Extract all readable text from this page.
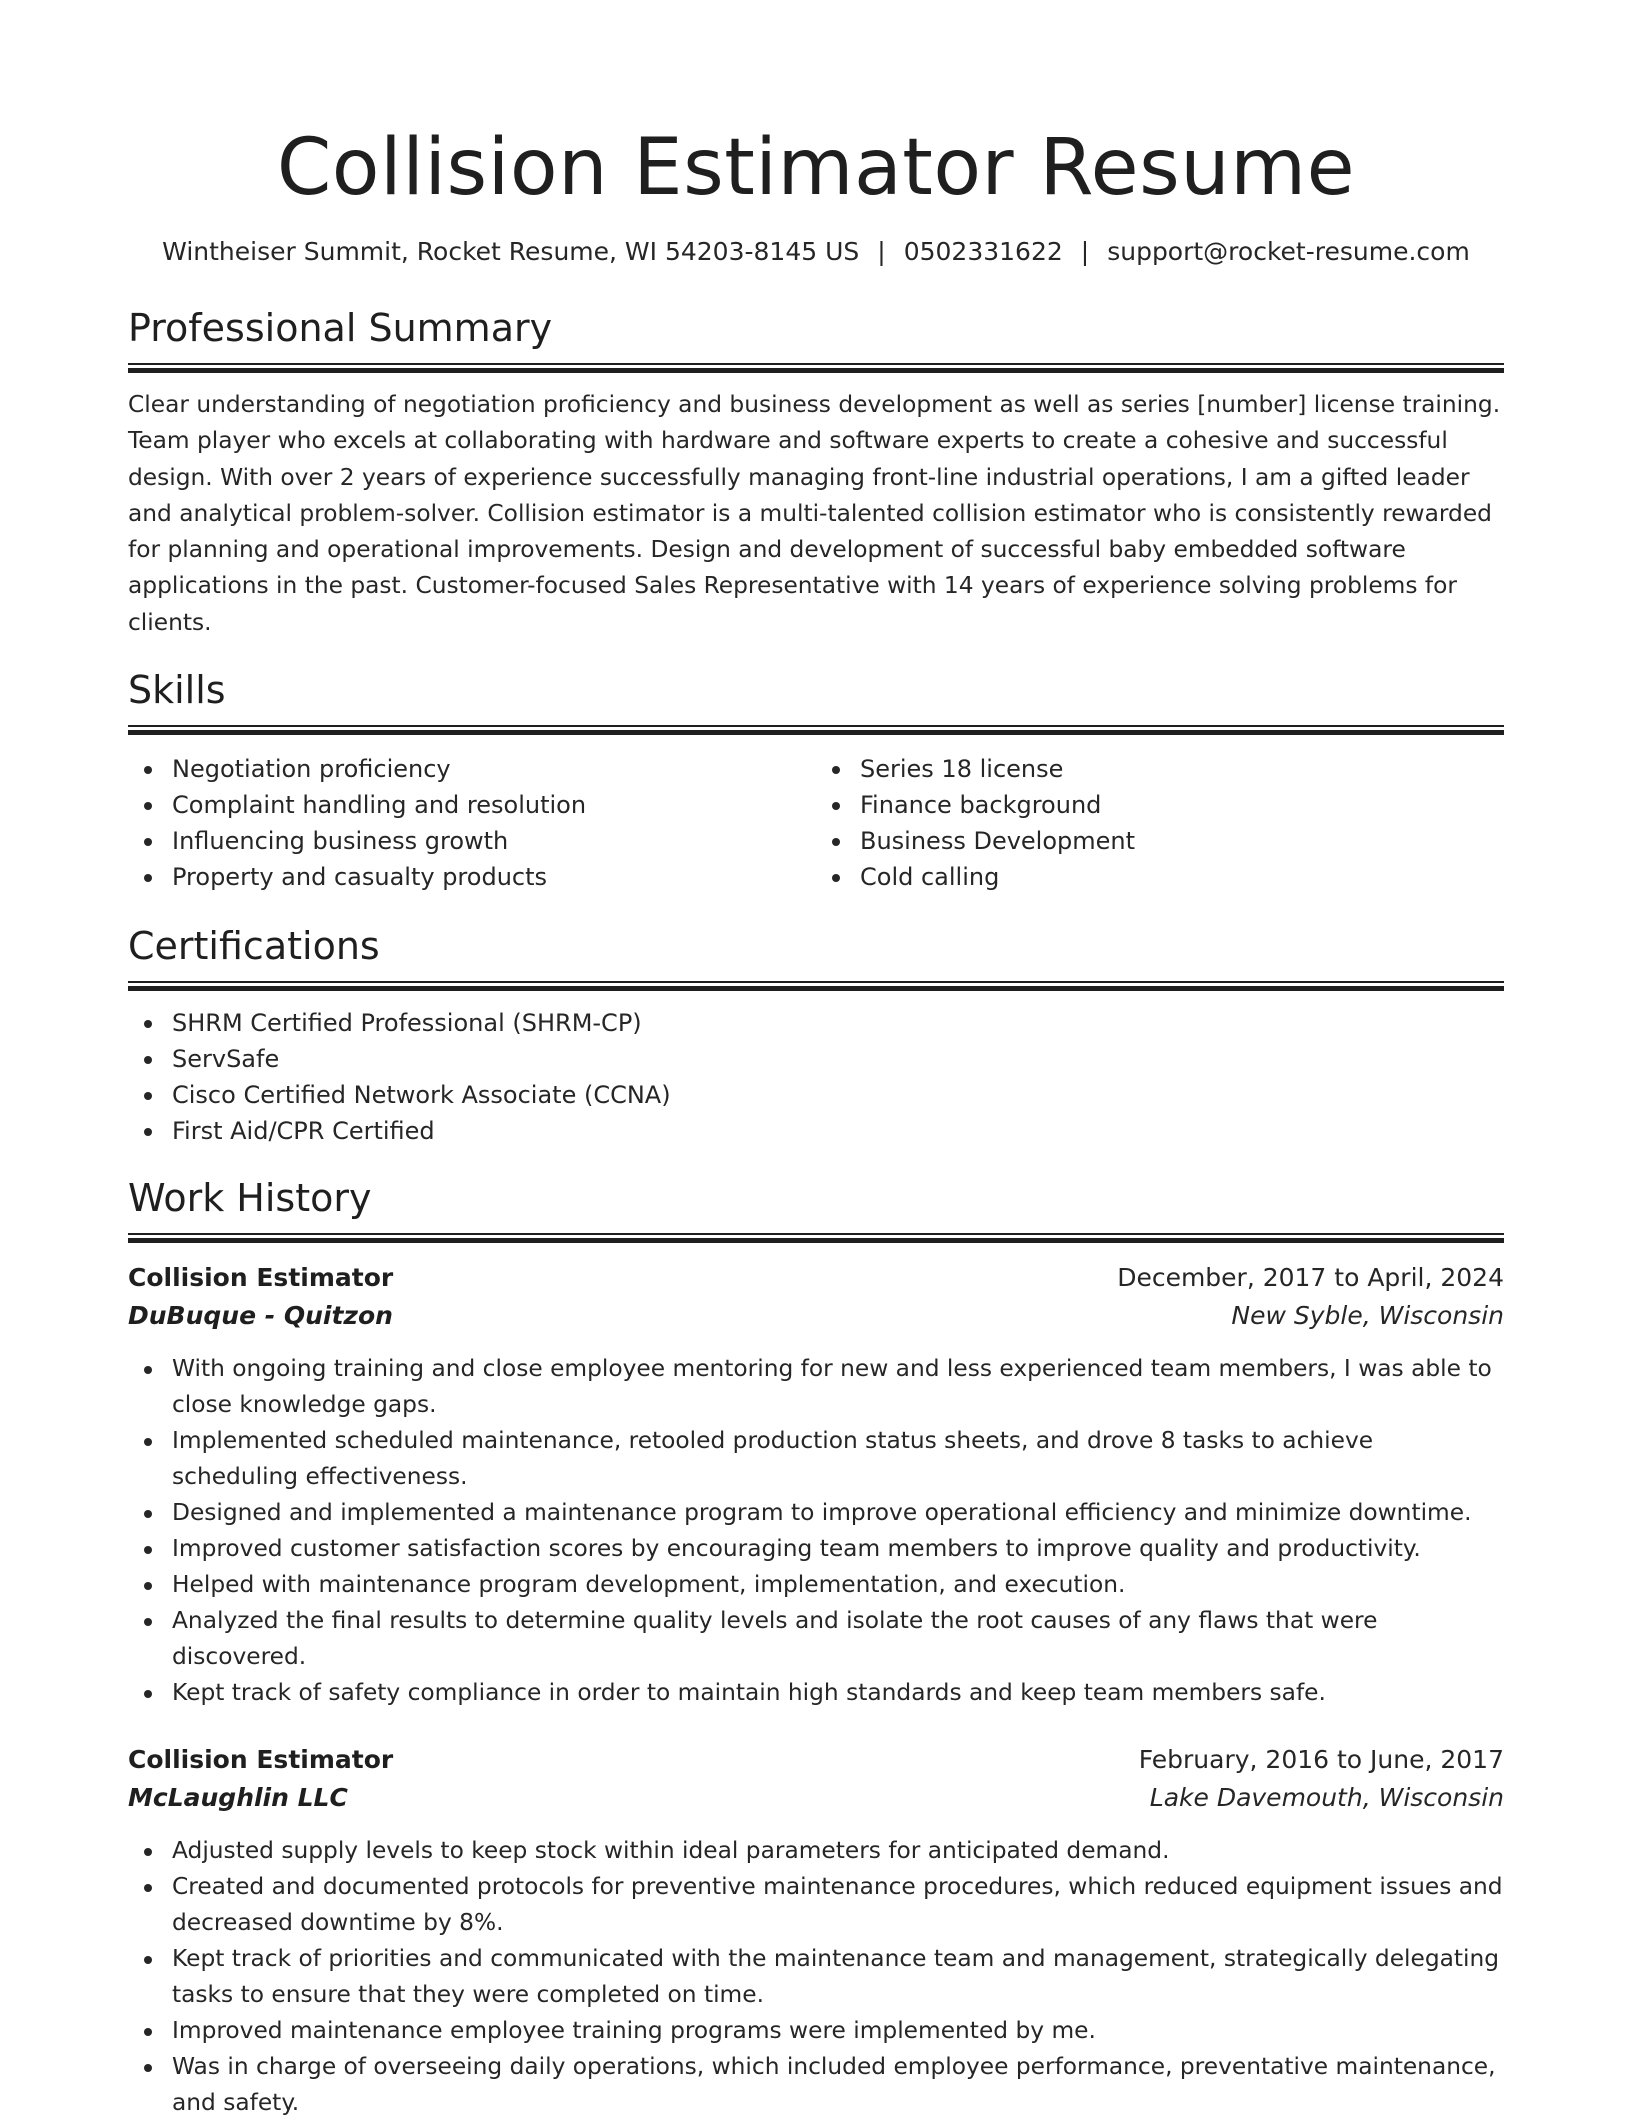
Collision Estimator Resume
Wintheiser Summit, Rocket Resume, WI 54203-8145 US | 0502331622 | support@rocket-resume.com
Professional Summary

Clear understanding of negotiation proficiency and business development as well as series [number] license training. Team player who excels at collaborating with hardware and software experts to create a cohesive and successful design. With over 2 years of experience successfully managing front-line industrial operations, I am a gifted leader and analytical problem-solver. Collision estimator is a multi-talented collision estimator who is consistently rewarded for planning and operational improvements. Design and development of successful baby embedded software applications in the past. Customer-focused Sales Representative with 14 years of experience solving problems for clients.

Skills
Negotiation proficiency
Complaint handling and resolution
Influencing business growth
Property and casualty products
Series 18 license
Finance background
Business Development
Cold calling
Certifications
SHRM Certified Professional (SHRM-CP)
ServSafe
Cisco Certified Network Associate (CCNA)
First Aid/CPR Certified
Work History
Collision Estimator	December, 2017 to April, 2024
DuBuque - Quitzon	New Syble, Wisconsin
With ongoing training and close employee mentoring for new and less experienced team members, I was able to close knowledge gaps.
Implemented scheduled maintenance, retooled production status sheets, and drove 8 tasks to achieve scheduling effectiveness.
Designed and implemented a maintenance program to improve operational efficiency and minimize downtime.
Improved customer satisfaction scores by encouraging team members to improve quality and productivity.
Helped with maintenance program development, implementation, and execution.
Analyzed the final results to determine quality levels and isolate the root causes of any flaws that were discovered.
Kept track of safety compliance in order to maintain high standards and keep team members safe.
Collision Estimator	February, 2016 to June, 2017
McLaughlin LLC	Lake Davemouth, Wisconsin
Adjusted supply levels to keep stock within ideal parameters for anticipated demand.
Created and documented protocols for preventive maintenance procedures, which reduced equipment issues and decreased downtime by 8%.
Kept track of priorities and communicated with the maintenance team and management, strategically delegating tasks to ensure that they were completed on time.
Improved maintenance employee training programs were implemented by me.
Was in charge of overseeing daily operations, which included employee performance, preventative maintenance, and safety.
